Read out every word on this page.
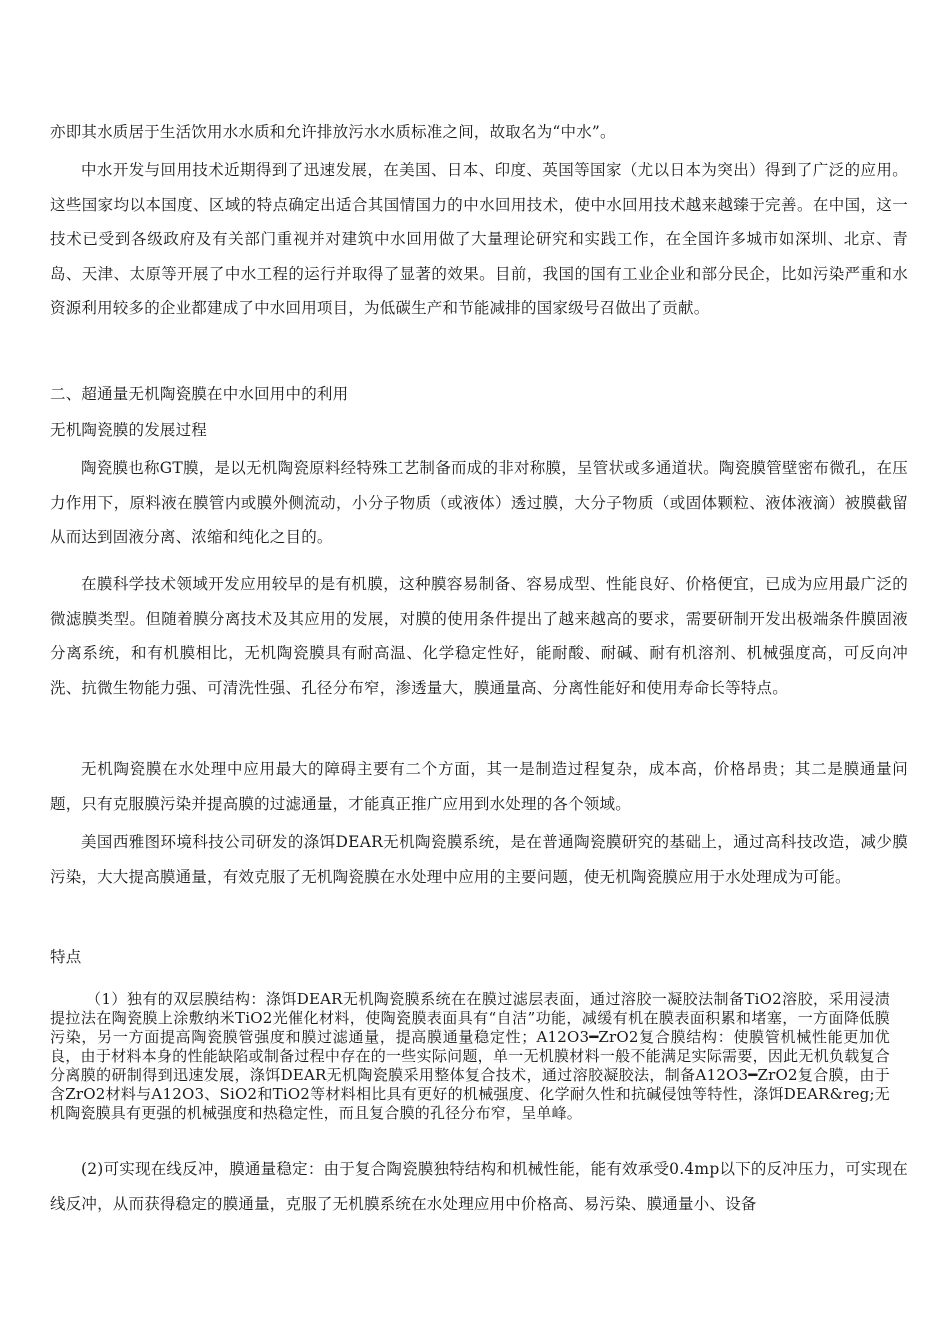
亦即其水质居于生活饮用水水质和允许排放污水水质标准之间，故取名为“中水”。

中水开发与回用技术近期得到了迅速发展，在美国、日本、印度、英国等国家（尤以日本为突出）得到了广泛的应用。这些国家均以本国度、区域的特点确定出适合其国情国力的中水回用技术，使中水回用技术越来越臻于完善。在中国，这一技术已受到各级政府及有关部门重视并对建筑中水回用做了大量理论研究和实践工作，在全国许多城市如深圳、北京、青岛、天津、太原等开展了中水工程的运行并取得了显著的效果。目前，我国的国有工业企业和部分民企，比如污染严重和水资源利用较多的企业都建成了中水回用项目，为低碳生产和节能减排的国家级号召做出了贡献。

二、超通量无机陶瓷膜在中水回用中的利用
无机陶瓷膜的发展过程

陶瓷膜也称GT膜，是以无机陶瓷原料经特殊工艺制备而成的非对称膜，呈管状或多通道状。陶瓷膜管壁密布微孔，在压力作用下，原料液在膜管内或膜外侧流动，小分子物质（或液体）透过膜，大分子物质（或固体颗粒、液体液滴）被膜截留从而达到固液分离、浓缩和纯化之目的。

在膜科学技术领域开发应用较早的是有机膜，这种膜容易制备、容易成型、性能良好、价格便宜，已成为应用最广泛的微滤膜类型。但随着膜分离技术及其应用的发展，对膜的使用条件提出了越来越高的要求，需要研制开发出极端条件膜固液分离系统，和有机膜相比，无机陶瓷膜具有耐高温、化学稳定性好，能耐酸、耐碱、耐有机溶剂、机械强度高，可反向冲洗、抗微生物能力强、可清洗性强、孔径分布窄，渗透量大，膜通量高、分离性能好和使用寿命长等特点。

无机陶瓷膜在水处理中应用最大的障碍主要有二个方面，其一是制造过程复杂，成本高，价格昂贵；其二是膜通量问题，只有克服膜污染并提高膜的过滤通量，才能真正推广应用到水处理的各个领域。

美国西雅图环境科技公司研发的涤饵DEAR无机陶瓷膜系统，是在普通陶瓷膜研究的基础上，通过高科技改造，减少膜污染，大大提高膜通量，有效克服了无机陶瓷膜在水处理中应用的主要问题，使无机陶瓷膜应用于水处理成为可能。

特点

（1）独有的双层膜结构：涤饵DEAR无机陶瓷膜系统在在膜过滤层表面，通过溶胶一凝胶法制备TiO2溶胶，采用浸渍提拉法在陶瓷膜上涂敷纳米TiO2光催化材料，使陶瓷膜表面具有“自洁”功能，减缓有机在膜表面积累和堵塞，一方面降低膜污染，另一方面提高陶瓷膜管强度和膜过滤通量，提高膜通量稳定性；A12O3━ZrO2复合膜结构：使膜管机械性能更加优良，由于材料本身的性能缺陷或制备过程中存在的一些实际问题，单一无机膜材料一般不能满足实际需要，因此无机负载复合分离膜的研制得到迅速发展，涤饵DEAR无机陶瓷膜采用整体复合技术，通过溶胶凝胶法，制备A12O3━ZrO2复合膜，由于含ZrO2材料与A12O3、SiO2和TiO2等材料相比具有更好的机械强度、化学耐久性和抗碱侵蚀等特性，涤饵DEAR&reg;无机陶瓷膜具有更强的机械强度和热稳定性，而且复合膜的孔径分布窄，呈单峰。

(2)可实现在线反冲，膜通量稳定：由于复合陶瓷膜独特结构和机械性能，能有效承受0.4mp以下的反冲压力，可实现在线反冲，从而获得稳定的膜通量，克服了无机膜系统在水处理应用中价格高、易污染、膜通量小、设备
